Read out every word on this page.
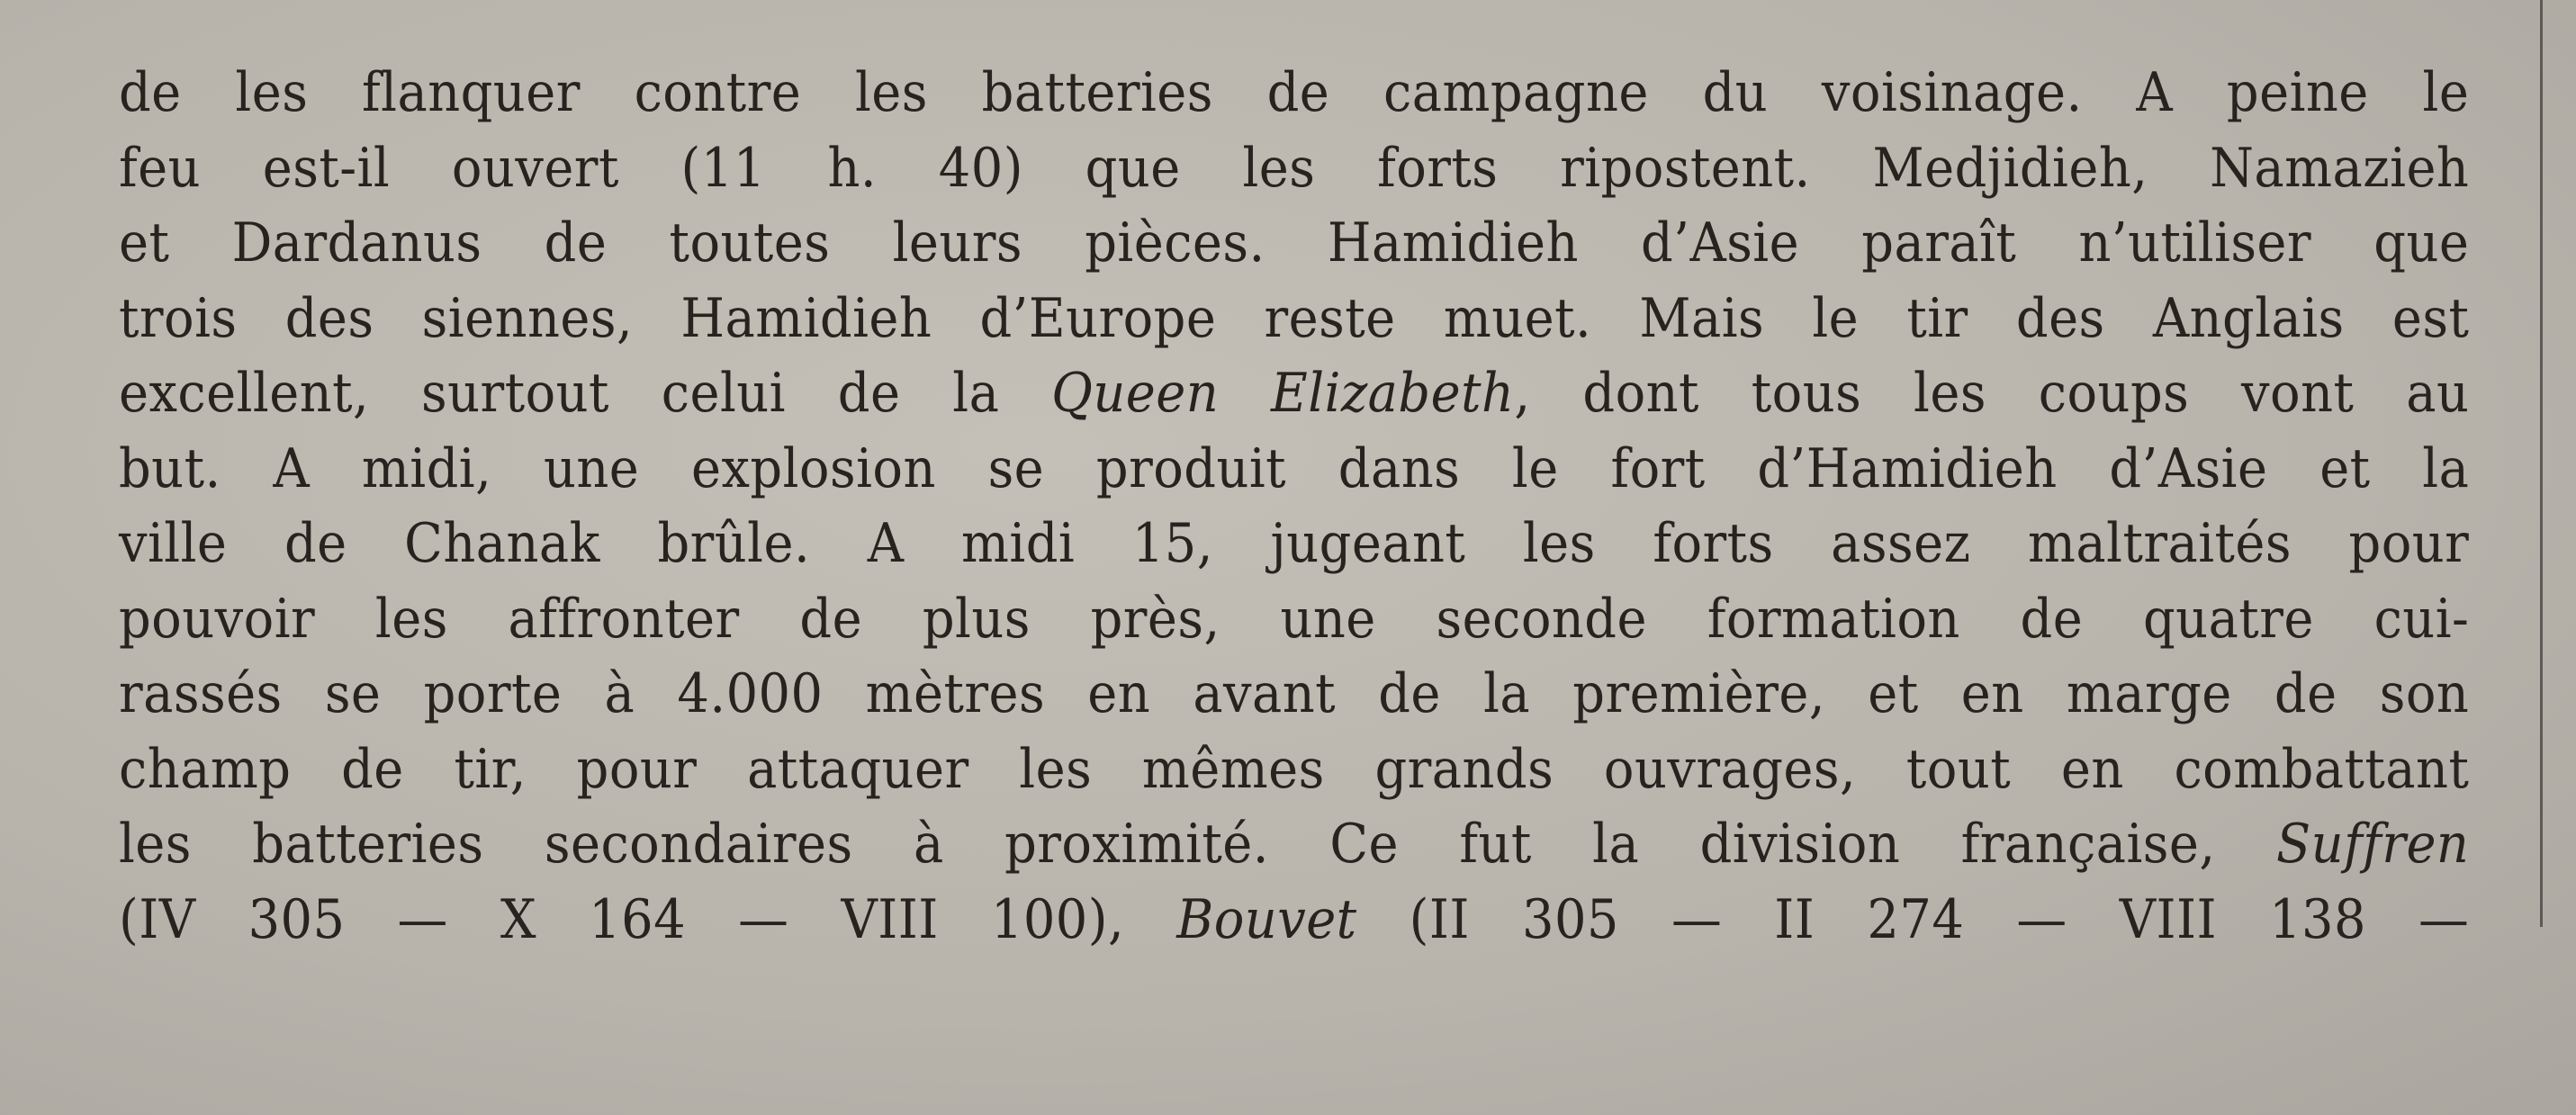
de les flanquer contre les batteries de campagne du voisinage. A peine le
feu est-il ouvert (11 h. 40) que les forts ripostent. Medjidieh, Namazieh
et Dardanus de toutes leurs pièces. Hamidieh d’Asie paraît n’utiliser que
trois des siennes, Hamidieh d’Europe reste muet. Mais le tir des Anglais est
excellent, surtout celui de la Queen Elizabeth, dont tous les coups vont au
but. A midi, une explosion se produit dans le fort d’Hamidieh d’Asie et la
ville de Chanak brûle. A midi 15, jugeant les forts assez maltraités pour
pouvoir les affronter de plus près, une seconde formation de quatre cui-
rassés se porte à 4.000 mètres en avant de la première, et en marge de son
champ de tir, pour attaquer les mêmes grands ouvrages, tout en combattant
les batteries secondaires à proximité. Ce fut la division française, Suffren
(IV 305 — X 164 — VIII 100), Bouvet (II 305 — II 274 — VIII 138 —
